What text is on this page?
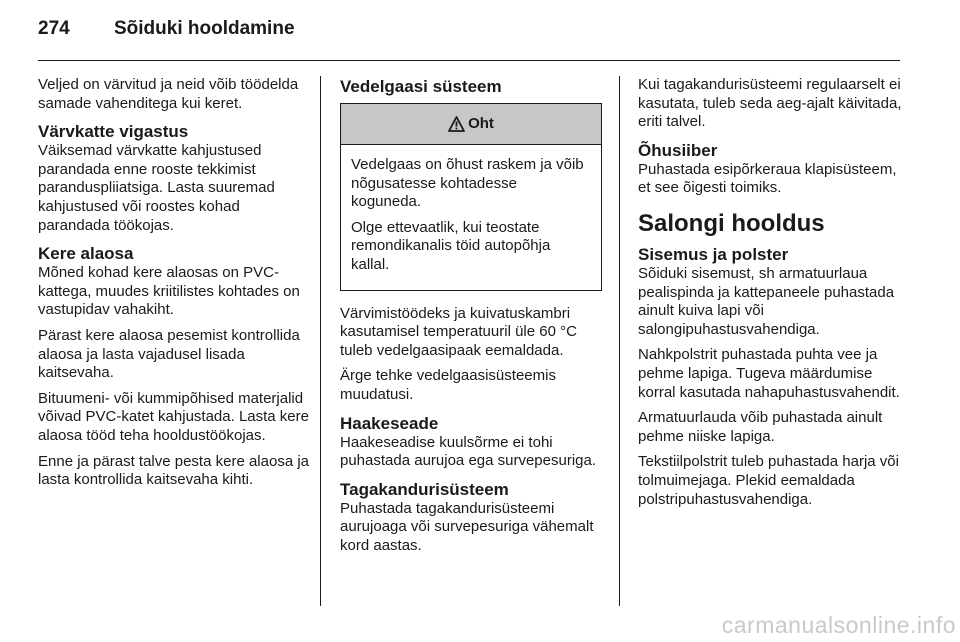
274	Sõiduki hooldamine

Veljed on värvitud ja neid võib töödelda samade vahenditega kui keret.

Värvkatte vigastus

Väiksemad värvkatte kahjustused parandada enne rooste tekkimist paranduspliiatsiga. Lasta suuremad kahjustused või roostes kohad parandada töökojas.

Kere alaosa

Mõned kohad kere alaosas on PVC-kattega, muudes kriitilistes kohtades on vastupidav vahakiht.

Pärast kere alaosa pesemist kontrollida alaosa ja lasta vajadusel lisada kaitsevaha.

Bituumeni- või kummipõhised materjalid võivad PVC-katet kahjustada. Lasta kere alaosa tööd teha hooldustöökojas.

Enne ja pärast talve pesta kere alaosa ja lasta kontrollida kaitsevaha kihti.

Vedelgaasi süsteem
Oht

Vedelgaas on õhust raskem ja võib nõgusatesse kohtadesse koguneda.

Olge ettevaatlik, kui teostate remondikanalis töid autopõhja kallal.

Värvimistöödeks ja kuivatuskambri kasutamisel temperatuuril üle 60 °C tuleb vedelgaasipaak eemaldada.

Ärge tehke vedelgaasisüsteemis muudatusi.

Haakeseade

Haakeseadise kuulsõrme ei tohi puhastada aurujoa ega survepesuriga.

Tagakandurisüsteem

Puhastada tagakandurisüsteemi aurujoaga või survepesuriga vähemalt kord aastas.

Kui tagakandurisüsteemi regulaarselt ei kasutata, tuleb seda aeg-ajalt käivitada, eriti talvel.

Õhusiiber

Puhastada esipõrkeraua klapisüsteem, et see õigesti toimiks.

Salongi hooldus
Sisemus ja polster

Sõiduki sisemust, sh armatuurlaua pealispinda ja kattepaneele puhastada ainult kuiva lapi või salongipuhastusvahendiga.

Nahkpolstrit puhastada puhta vee ja pehme lapiga. Tugeva määrdumise korral kasutada nahapuhastusvahendit.

Armatuurlauda võib puhastada ainult pehme niiske lapiga.

Tekstiilpolstrit tuleb puhastada harja või tolmuimejaga. Plekid eemaldada polstripuhastusvahendiga.

carmanualsonline.info
